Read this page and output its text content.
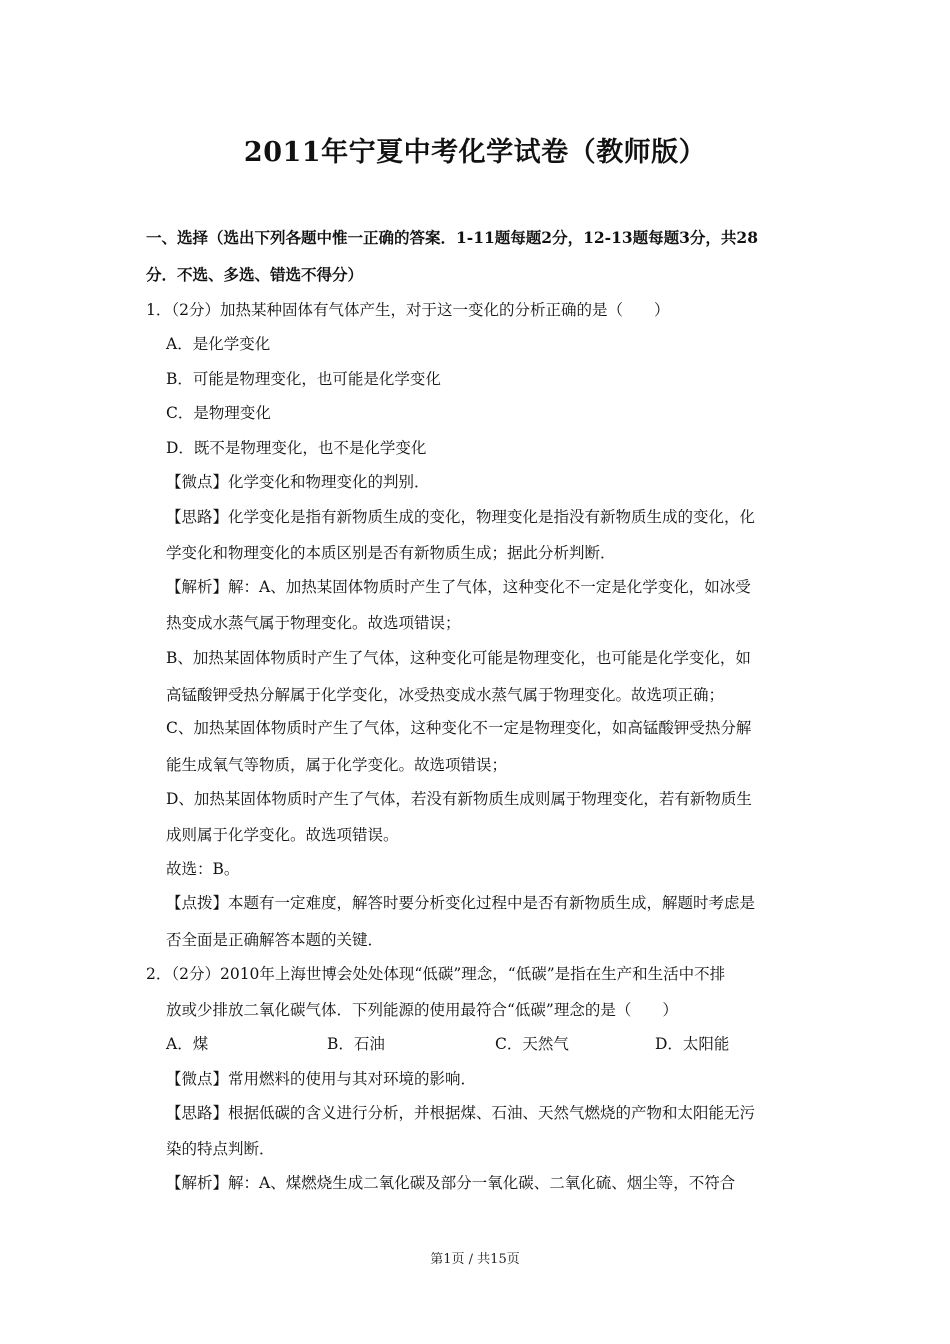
2011年宁夏中考化学试卷（教师版）
一、选择（选出下列各题中惟一正确的答案．1-11题每题2分，12-13题每题3分，共28
分．不选、多选、错选不得分）
1．（2分）加热某种固体有气体产生，对于这一变化的分析正确的是（　　）
A．是化学变化
B．可能是物理变化，也可能是化学变化
C．是物理变化
D．既不是物理变化，也不是化学变化
【微点】化学变化和物理变化的判别．
【思路】化学变化是指有新物质生成的变化，物理变化是指没有新物质生成的变化，化
学变化和物理变化的本质区别是否有新物质生成；据此分析判断．
【解析】解：A、加热某固体物质时产生了气体，这种变化不一定是化学变化，如冰受
热变成水蒸气属于物理变化。故选项错误；
B、加热某固体物质时产生了气体，这种变化可能是物理变化，也可能是化学变化，如
高锰酸钾受热分解属于化学变化，冰受热变成水蒸气属于物理变化。故选项正确；
C、加热某固体物质时产生了气体，这种变化不一定是物理变化，如高锰酸钾受热分解
能生成氧气等物质，属于化学变化。故选项错误；
D、加热某固体物质时产生了气体，若没有新物质生成则属于物理变化，若有新物质生
成则属于化学变化。故选项错误。
故选：B。
【点拨】本题有一定难度，解答时要分析变化过程中是否有新物质生成，解题时考虑是
否全面是正确解答本题的关键．
2．（2分）2010年上海世博会处处体现“低碳”理念，“低碳”是指在生产和生活中不排
放或少排放二氧化碳气体．下列能源的使用最符合“低碳”理念的是（　　）
A．煤	B．石油	C．天然气	D．太阳能
【微点】常用燃料的使用与其对环境的影响．
【思路】根据低碳的含义进行分析，并根据煤、石油、天然气燃烧的产物和太阳能无污
染的特点判断．
【解析】解：A、煤燃烧生成二氧化碳及部分一氧化碳、二氧化硫、烟尘等，不符合
第1页 / 共15页
